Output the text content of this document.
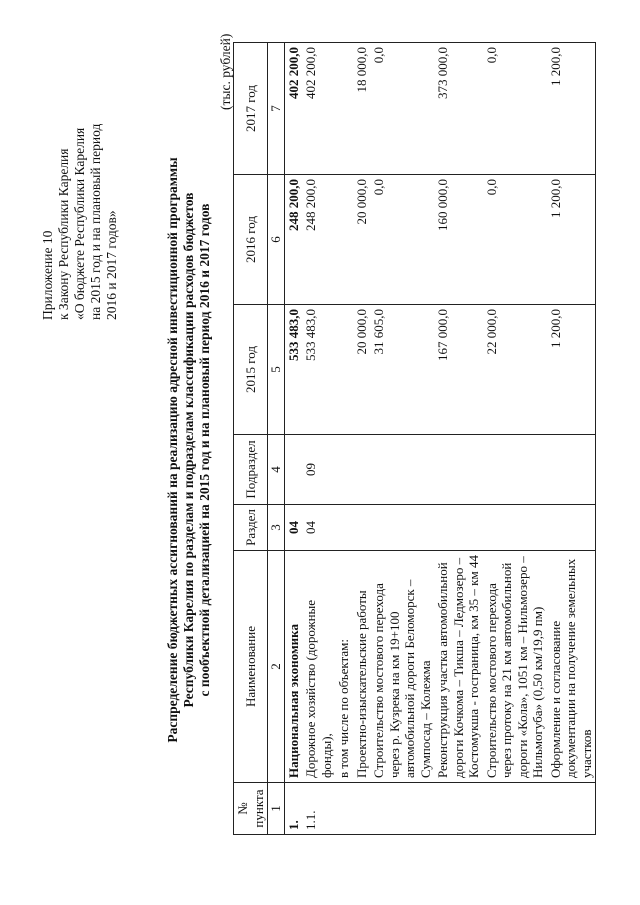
Приложение 10 к Закону Республики Карелия «О бюджете Республики Карелия на 2015 год и на плановый период 2016 и 2017 годов»	Распределение бюджетных ассигнований на реализацию адресной инвестиционной программы Республики Карелия по разделам и подразделам классификации расходов бюджетов с пообъектной детализацией на 2015 год и на плановый период 2016 и 2017 годов
(тыс. рублей)
№ пункта	Наименование	Раздел	Подраздел	2015 год	2016 год	2017 год
1	2	3	4	5	6	7
1.	Национальная экономика	04		533 483,0	248 200,0	402 200,0
1.1.	Дорожное хозяйство (дорожные фонды),	04	09	533 483,0	248 200,0	402 200,0
	в том числе по объектам:					
	Проектно-изыскательские работы			20 000,0	20 000,0	18 000,0
	Строительство мостового перехода через р. Кузрека на км 19+100 автомобильной дороги Беломорск – Сумпосад – Колежма			31 605,0	0,0	0,0
	Реконструкция участка автомобильной дороги Кочкома – Тикша – Ледмозеро – Костомукша - госграница, км 35 – км 44			167 000,0	160 000,0	373 000,0
	Строительство мостового перехода через протоку на 21 км автомобильной дороги «Кола», 1051 км – Нильмозеро – Нильмогуба» (0,50 км/19,9 пм)			22 000,0	0,0	0,0
	Оформление и согласование документации на получение земельных участков			1 200,0	1 200,0	1 200,0
